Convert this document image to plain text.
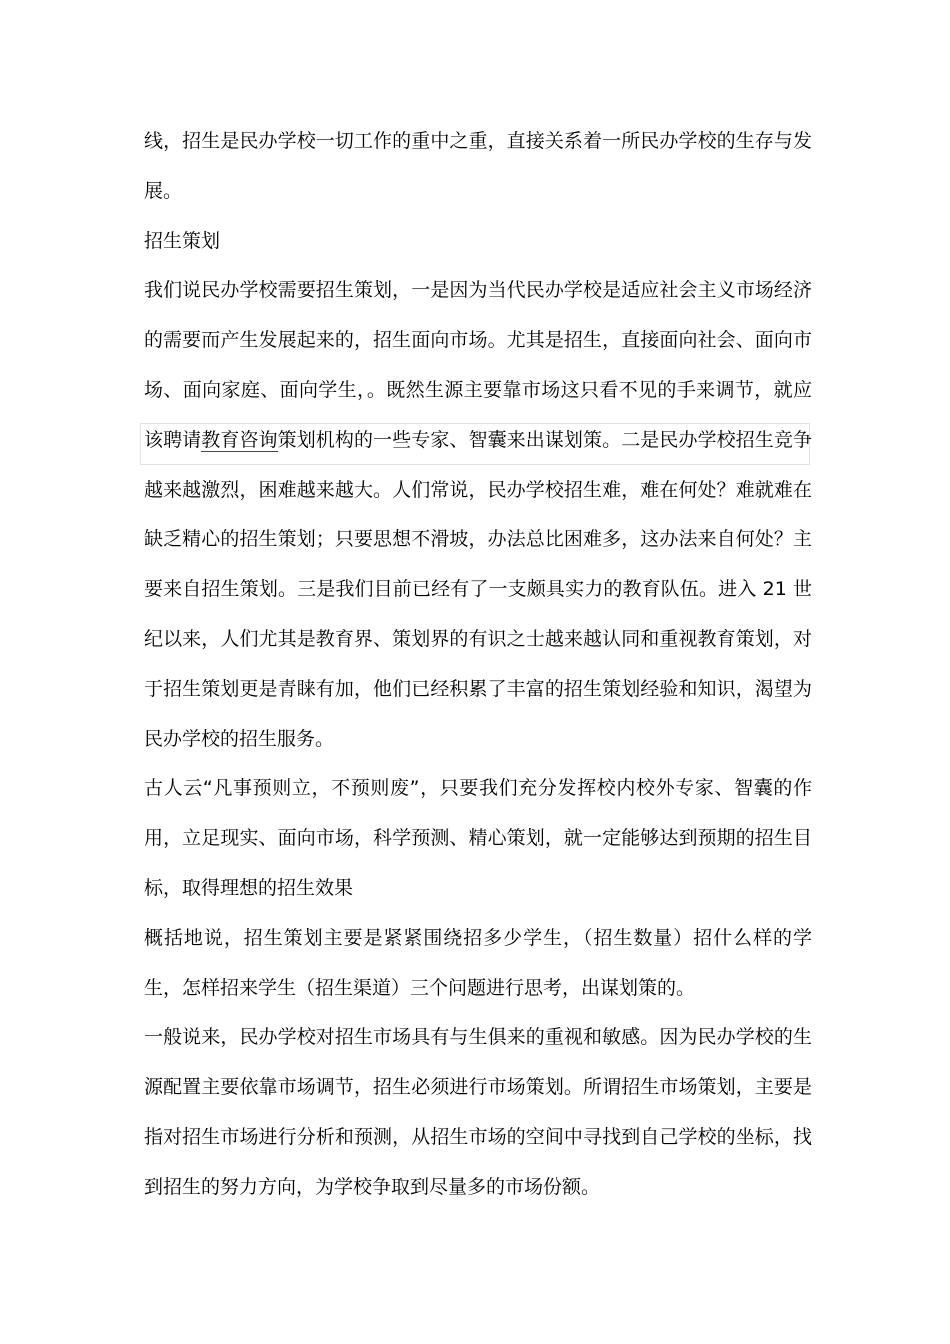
线，招生是民办学校一切工作的重中之重，直接关系着一所民办学校的生存与发展。

招生策划

我们说民办学校需要招生策划，一是因为当代民办学校是适应社会主义市场经济的需要而产生发展起来的，招生面向市场。尤其是招生，直接面向社会、面向市场、面向家庭、面向学生，。既然生源主要靠市场这只看不见的手来调节，就应该聘请教育咨询策划机构的一些专家、智囊来出谋划策。二是民办学校招生竞争越来越激烈，困难越来越大。人们常说，民办学校招生难，难在何处？难就难在缺乏精心的招生策划；只要思想不滑坡，办法总比困难多，这办法来自何处？主要来自招生策划。三是我们目前已经有了一支颇具实力的教育队伍。进入 21 世纪以来，人们尤其是教育界、策划界的有识之士越来越认同和重视教育策划，对于招生策划更是青睐有加，他们已经积累了丰富的招生策划经验和知识，渴望为民办学校的招生服务。

古人云“凡事预则立，不预则废”，只要我们充分发挥校内校外专家、智囊的作用，立足现实、面向市场，科学预测、精心策划，就一定能够达到预期的招生目标，取得理想的招生效果

概括地说，招生策划主要是紧紧围绕招多少学生，（招生数量）招什么样的学生，怎样招来学生（招生渠道）三个问题进行思考，出谋划策的。

一般说来，民办学校对招生市场具有与生俱来的重视和敏感。因为民办学校的生源配置主要依靠市场调节，招生必须进行市场策划。所谓招生市场策划，主要是指对招生市场进行分析和预测，从招生市场的空间中寻找到自己学校的坐标，找到招生的努力方向，为学校争取到尽量多的市场份额。
